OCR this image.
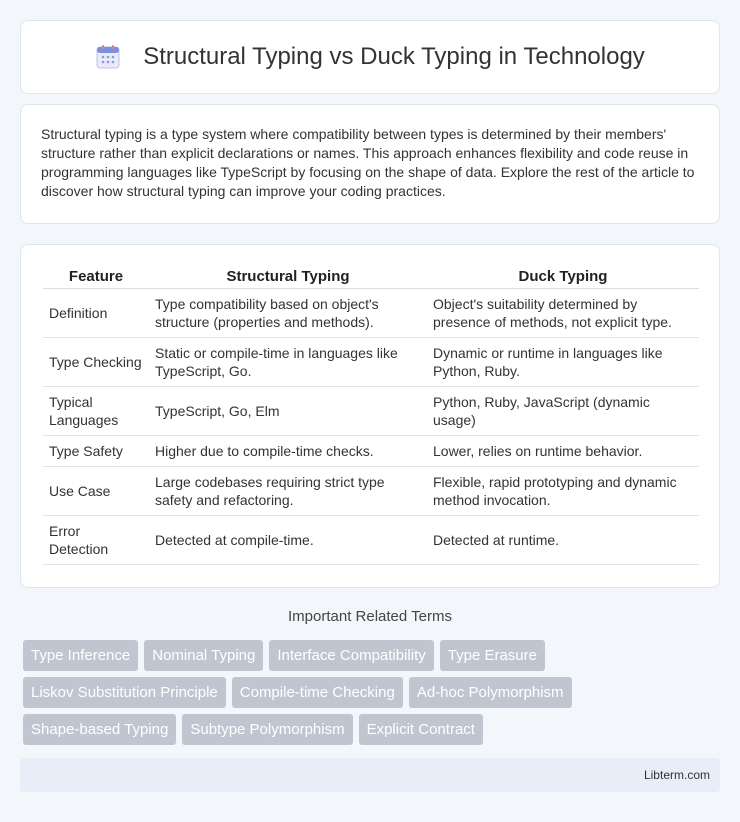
Structural Typing vs Duck Typing in Technology

Structural typing is a type system where compatibility between types is determined by their members' structure rather than explicit declarations or names. This approach enhances flexibility and code reuse in programming languages like TypeScript by focusing on the shape of data. Explore the rest of the article to discover how structural typing can improve your coding practices.

Feature	Structural Typing	Duck Typing
Definition	Type compatibility based on object's structure (properties and methods).	Object's suitability determined by presence of methods, not explicit type.
Type Checking	Static or compile-time in languages like TypeScript, Go.	Dynamic or runtime in languages like Python, Ruby.
Typical Languages	TypeScript, Go, Elm	Python, Ruby, JavaScript (dynamic usage)
Type Safety	Higher due to compile-time checks.	Lower, relies on runtime behavior.
Use Case	Large codebases requiring strict type safety and refactoring.	Flexible, rapid prototyping and dynamic method invocation.
Error Detection	Detected at compile-time.	Detected at runtime.
Important Related Terms
Type Inference	Nominal Typing	Interface Compatibility	Type Erasure
Liskov Substitution Principle	Compile-time Checking	Ad-hoc Polymorphism
Shape-based Typing	Subtype Polymorphism	Explicit Contract
Libterm.com
